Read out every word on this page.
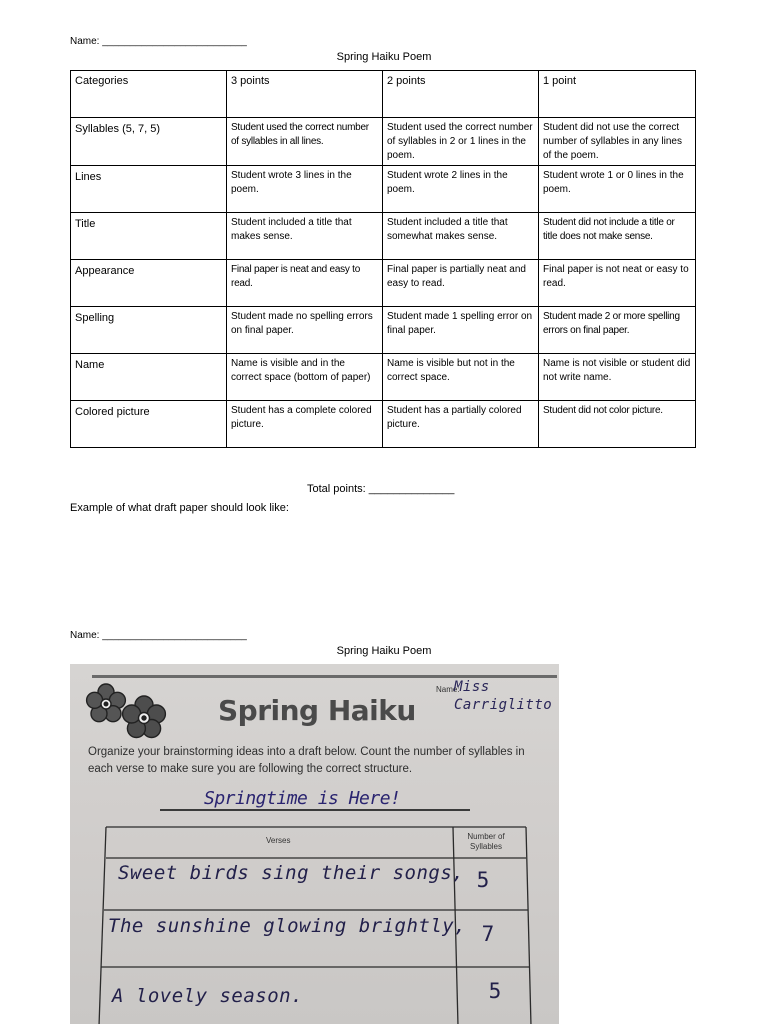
Name: __________________________
Spring Haiku Poem
Categories	3 points	2 points	1 point
Syllables (5, 7, 5)	Student used the correct number of syllables in all lines.	Student used the correct number of syllables in 2 or 1 lines in the poem.	Student did not use the correct number of syllables in any lines of the poem.
Lines	Student wrote 3 lines in the poem.	Student wrote 2 lines in the poem.	Student wrote 1 or 0 lines in the poem.
Title	Student included a title that makes sense.	Student included a title that somewhat makes sense.	Student did not include a title or title does not make sense.
Appearance	Final paper is neat and easy to read.	Final paper is partially neat and easy to read.	Final paper is not neat or easy to read.
Spelling	Student made no spelling errors on final paper.	Student made 1 spelling error on final paper.	Student made 2 or more spelling errors on final paper.
Name	Name is visible and in the correct space (bottom of paper)	Name is visible but not in the correct space.	Name is not visible or student did not write name.
Colored picture	Student has a complete colored picture.	Student has a partially colored picture.	Student did not color picture.
Total points: ______________
Example of what draft paper should look like:
Name: __________________________
Spring Haiku Poem
Spring Haiku
Name:
Miss Carriglitto
Organize your brainstorming ideas into a draft below. Count the number of syllables in each verse to make sure you are following the correct structure.
Springtime is Here!
Verses	Number of Syllables
Sweet birds sing their songs, 5
The sunshine glowing brightly, 7
A lovely season.	5
